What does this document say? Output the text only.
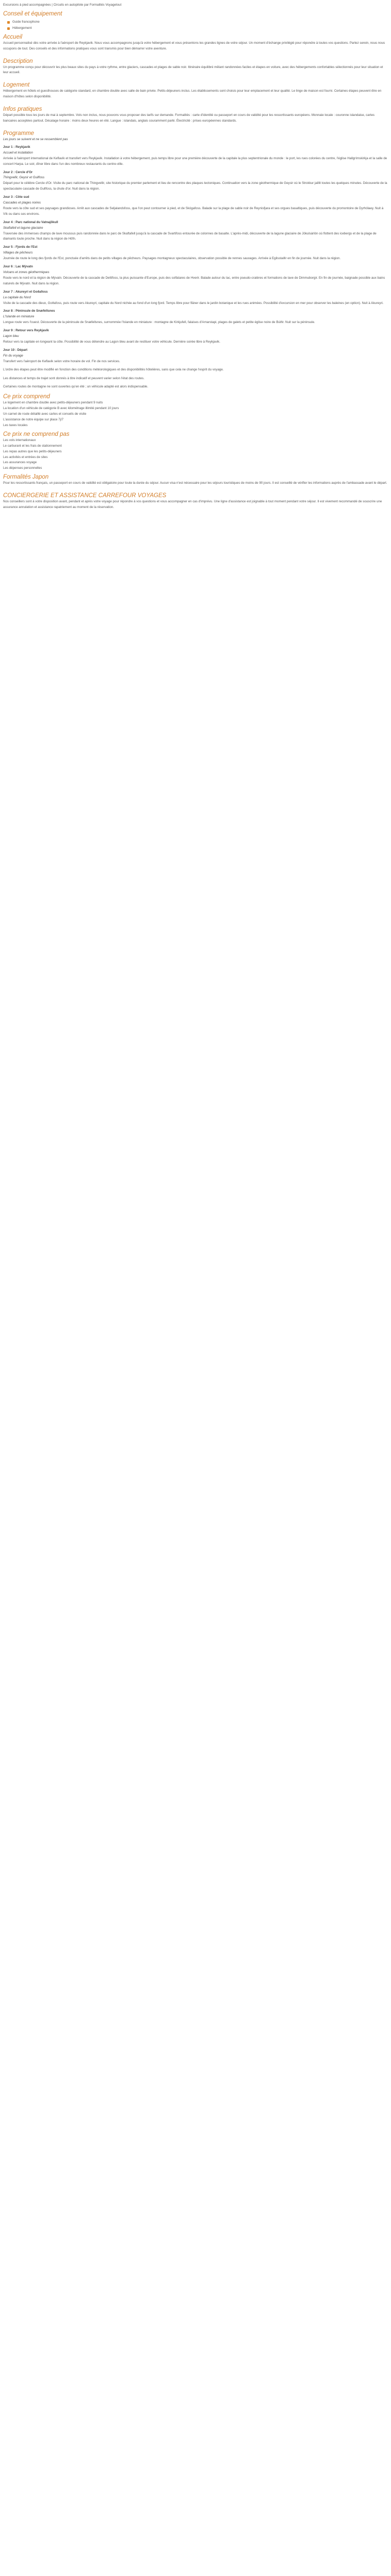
Excursions à pied accompagnées | Circuits en autopilote par Formalités Voyagetout

Conseil et équipement
Guide francophone
Hébergement
Accueil

Accueil personnalisé dès votre arrivée à l'aéroport de Reykjavik. Nous vous accompagnons jusqu'à votre hébergement et vous présentons les grandes lignes de votre séjour. Un moment d'échange privilégié pour répondre à toutes vos questions. Partez serein, nous nous occupons de tout. Des conseils et des informations pratiques vous sont transmis pour bien démarrer votre aventure.

Description

Un programme conçu pour découvrir les plus beaux sites du pays à votre rythme, entre glaciers, cascades et plages de sable noir. Itinéraire équilibré mêlant randonnées faciles et étapes en voiture, avec des hébergements confortables sélectionnés pour leur situation et leur accueil.

Logement

Hébergement en hôtels et guesthouses de catégorie standard, en chambre double avec salle de bain privée. Petits-déjeuners inclus. Les établissements sont choisis pour leur emplacement et leur qualité. Le linge de maison est fourni. Certaines étapes peuvent être en maison d'hôtes selon disponibilité.

Infos pratiques

Départ possible tous les jours de mai à septembre. Vols non inclus, nous pouvons vous proposer des tarifs sur demande. Formalités : carte d'identité ou passeport en cours de validité pour les ressortissants européens. Monnaie locale : couronne islandaise, cartes bancaires acceptées partout. Décalage horaire : moins deux heures en été. Langue : islandais, anglais couramment parlé. Électricité : prises européennes standards.

Programme

Les jours se suivent et ne se ressemblent pas

Jour 1 : Reykjavik
Accueil et installation

Arrivée à l'aéroport international de Keflavik et transfert vers Reykjavik. Installation à votre hébergement, puis temps libre pour une première découverte de la capitale la plus septentrionale du monde : le port, les rues colorées du centre, l'église Hallgrímskirkja et la salle de concert Harpa. Le soir, dîner libre dans l'un des nombreux restaurants du centre-ville.

Jour 2 : Cercle d'Or
Thingvellir, Geysir et Gullfoss

Départ pour le célèbre Cercle d'Or. Visite du parc national de Thingvellir, site historique du premier parlement et lieu de rencontre des plaques tectoniques. Continuation vers la zone géothermique de Geysir où le Strokkur jaillit toutes les quelques minutes. Découverte de la spectaculaire cascade de Gullfoss, la chute d'or. Nuit dans la région.

Jour 3 : Côte sud
Cascades et plages noires

Route vers la côte sud et ses paysages grandioses. Arrêt aux cascades de Seljalandsfoss, que l'on peut contourner à pied, et de Skógafoss. Balade sur la plage de sable noir de Reynisfjara et ses orgues basaltiques, puis découverte du promontoire de Dyrhólaey. Nuit à Vík ou dans ses environs.

Jour 4 : Parc national du Vatnajökull
Skaftafell et lagune glaciaire

Traversée des immenses champs de lave moussus puis randonnée dans le parc de Skaftafell jusqu'à la cascade de Svartifoss entourée de colonnes de basalte. L'après-midi, découverte de la lagune glaciaire de Jökulsárlón où flottent des icebergs et de la plage de diamants toute proche. Nuit dans la région de Höfn.

Jour 5 : Fjords de l'Est
Villages de pêcheurs

Journée de route le long des fjords de l'Est, ponctuée d'arrêts dans de petits villages de pêcheurs. Paysages montagneux spectaculaires, observation possible de rennes sauvages. Arrivée à Egilsstaðir en fin de journée. Nuit dans la région.

Jour 6 : Lac Mývatn
Volcans et zones géothermiques

Route vers le nord et la région de Mývatn. Découverte de la cascade de Dettifoss, la plus puissante d'Europe, puis des solfatares de Hverir. Balade autour du lac, entre pseudo-cratères et formations de lave de Dimmuborgir. En fin de journée, baignade possible aux bains naturels de Mývatn. Nuit dans la région.

Jour 7 : Akureyri et Goðafoss
La capitale du Nord

Visite de la cascade des dieux, Goðafoss, puis route vers Akureyri, capitale du Nord nichée au fond d'un long fjord. Temps libre pour flâner dans le jardin botanique et les rues animées. Possibilité d'excursion en mer pour observer les baleines (en option). Nuit à Akureyri.

Jour 8 : Péninsule de Snæfellsnes
L'Islande en miniature

Longue route vers l'ouest. Découverte de la péninsule de Snæfellsnes, surnommée l'Islande en miniature : montagne de Kirkjufell, falaises d'Arnarstapi, plages de galets et petite église noire de Búðir. Nuit sur la péninsule.

Jour 9 : Retour vers Reykjavik
Lagon bleu

Retour vers la capitale en longeant la côte. Possibilité de vous détendre au Lagon bleu avant de restituer votre véhicule. Dernière soirée libre à Reykjavik.

Jour 10 : Départ
Fin du voyage

Transfert vers l'aéroport de Keflavik selon votre horaire de vol. Fin de nos services.

L'ordre des étapes peut être modifié en fonction des conditions météorologiques et des disponibilités hôtelières, sans que cela ne change l'esprit du voyage.

Les distances et temps de trajet sont donnés à titre indicatif et peuvent varier selon l'état des routes.

Certaines routes de montagne ne sont ouvertes qu'en été ; un véhicule adapté est alors indispensable.

Ce prix comprend

Le logement en chambre double avec petits-déjeuners pendant 9 nuits

La location d'un véhicule de catégorie B avec kilométrage illimité pendant 10 jours

Un carnet de route détaillé avec cartes et conseils de visite

L'assistance de notre équipe sur place 7j/7

Les taxes locales

Ce prix ne comprend pas

Les vols internationaux

Le carburant et les frais de stationnement

Les repas autres que les petits-déjeuners

Les activités et entrées de sites

Les assurances voyage

Les dépenses personnelles

Formalités Japon

Pour les ressortissants français, un passeport en cours de validité est obligatoire pour toute la durée du séjour. Aucun visa n'est nécessaire pour les séjours touristiques de moins de 90 jours. Il est conseillé de vérifier les informations auprès de l'ambassade avant le départ.

CONCIERGERIE ET ASSISTANCE CARREFOUR VOYAGES

Nos conseillers sont à votre disposition avant, pendant et après votre voyage pour répondre à vos questions et vous accompagner en cas d'imprévu. Une ligne d'assistance est joignable à tout moment pendant votre séjour. Il est vivement recommandé de souscrire une assurance annulation et assistance rapatriement au moment de la réservation.
